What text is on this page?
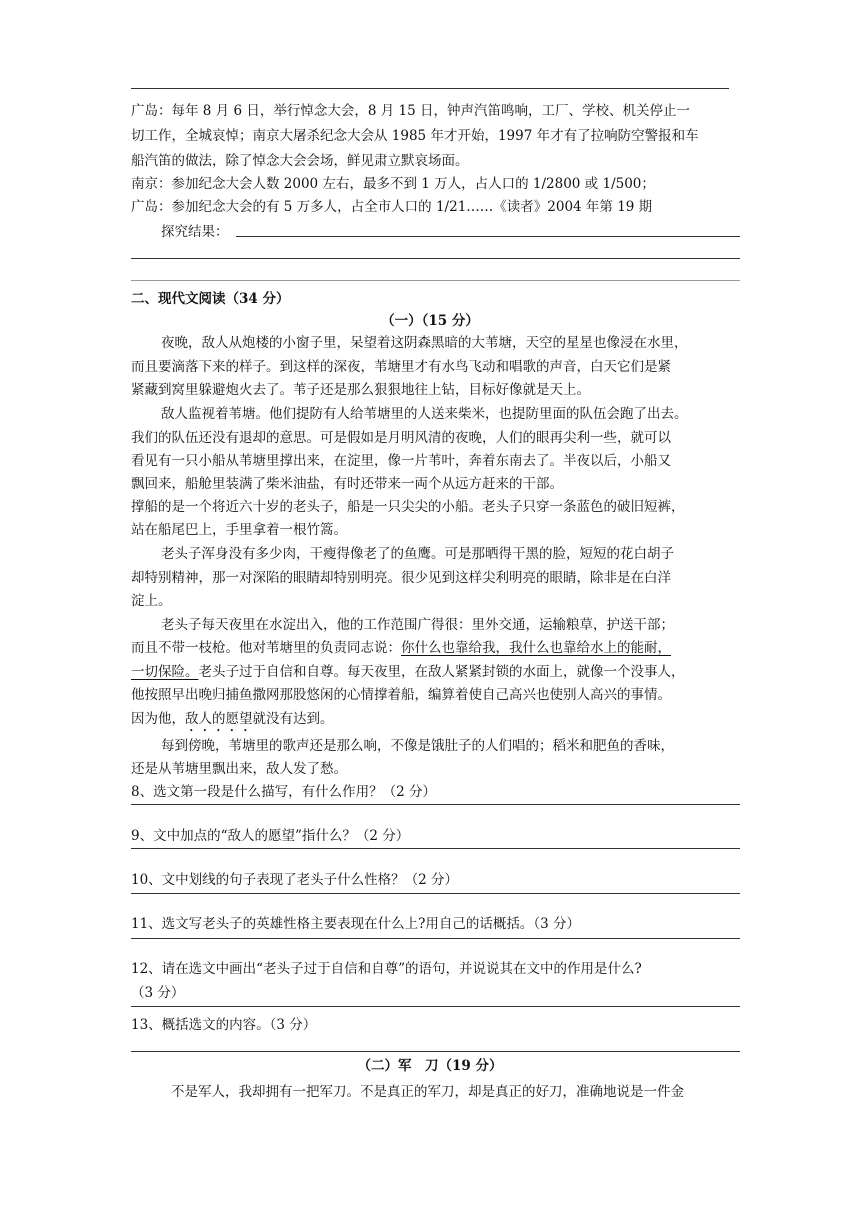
广岛：每年 8 月 6 日，举行悼念大会，8 月 15 日，钟声汽笛鸣响，工厂、学校、机关停止一
切工作，全城哀悼；南京大屠杀纪念大会从 1985 年才开始，1997 年才有了拉响防空警报和车
船汽笛的做法，除了悼念大会会场，鲜见肃立默哀场面。
南京：参加纪念大会人数 2000 左右，最多不到 1 万人，占人口的 1/2800 或 1/500；
广岛：参加纪念大会的有 5 万多人，占全市人口的 1/21……《读者》2004 年第 19 期
探究结果：
二、现代文阅读（34 分）
（一）（15 分）
夜晚，敌人从炮楼的小窗子里，呆望着这阴森黑暗的大苇塘，天空的星星也像浸在水里，
而且要滴落下来的样子。到这样的深夜，苇塘里才有水鸟飞动和唱歌的声音，白天它们是紧
紧藏到窝里躲避炮火去了。苇子还是那么狠狠地往上钻，目标好像就是天上。
敌人监视着苇塘。他们提防有人给苇塘里的人送来柴米，也提防里面的队伍会跑了出去。
我们的队伍还没有退却的意思。可是假如是月明风清的夜晚，人们的眼再尖利一些，就可以
看见有一只小船从苇塘里撑出来，在淀里，像一片苇叶，奔着东南去了。半夜以后，小船又
飘回来，船舱里装满了柴米油盐，有时还带来一両个从远方赶来的干部。
撑船的是一个将近六十岁的老头子，船是一只尖尖的小船。老头子只穿一条蓝色的破旧短裤，
站在船尾巴上，手里拿着一根竹篙。
老头子浑身没有多少肉，干瘦得像老了的鱼鹰。可是那晒得干黑的脸，短短的花白胡子
却特别精神，那一对深陷的眼睛却特别明亮。很少见到这样尖利明亮的眼睛，除非是在白洋
淀上。
老头子每天夜里在水淀出入，他的工作范围广得很：里外交通，运输粮草，护送干部；
而且不带一枝枪。他对苇塘里的负责同志说：你什么也靠给我，我什么也靠给水上的能耐，
一切保险。老头子过于自信和自尊。每天夜里，在敌人紧紧封锁的水面上，就像一个没事人，
他按照早出晚归捕鱼撒网那股悠闲的心情撑着船，编算着使自己高兴也使别人高兴的事情。
因为他，敌人的愿望就没有达到。
每到傍晚，苇塘里的歌声还是那么响，不像是饿肚子的人们唱的；稻米和肥鱼的香味，
还是从苇塘里飘出来，敌人发了愁。
8、选文第一段是什么描写，有什么作用？（2 分）
9、文中加点的“敌人的愿望”指什么？（2 分）
10、文中划线的句子表现了老头子什么性格？（2 分）
11、选文写老头子的英雄性格主要表现在什么上?用自己的话概括。（3 分）
12、请在选文中画出“老头子过于自信和自尊”的语句，并说说其在文中的作用是什么?
（3 分）
13、概括选文的内容。（3 分）
（二）军　刀（19 分）
不是军人，我却拥有一把军刀。不是真正的军刀，却是真正的好刀，准确地说是一件金
